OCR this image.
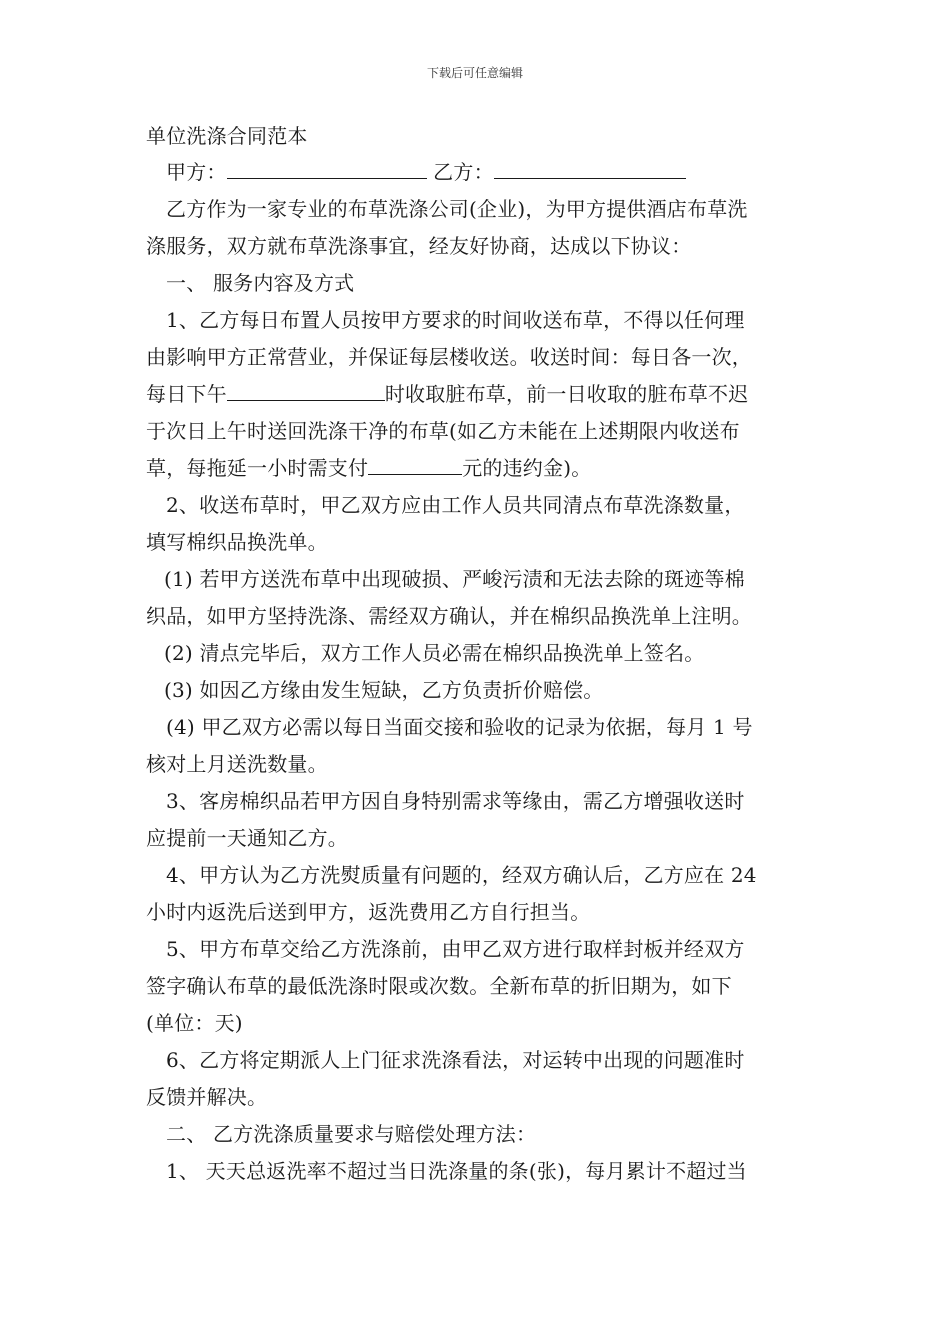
下载后可任意编辑
单位洗涤合同范本
甲方：	乙方：
乙方作为一家专业的布草洗涤公司(企业)，为甲方提供酒店布草洗
涤服务，双方就布草洗涤事宜，经友好协商，达成以下协议：
一、 服务内容及方式
1、乙方每日布置人员按甲方要求的时间收送布草，不得以任何理
由影响甲方正常营业，并保证每层楼收送。收送时间：每日各一次，
每日下午	时收取脏布草，前一日收取的脏布草不迟
于次日上午时送回洗涤干净的布草(如乙方未能在上述期限内收送布
草，每拖延一小时需支付	元的违约金)。
2、收送布草时，甲乙双方应由工作人员共同清点布草洗涤数量，
填写棉织品换洗单。
(1) 若甲方送洗布草中出现破损、严峻污渍和无法去除的斑迹等棉
织品，如甲方坚持洗涤、需经双方确认，并在棉织品换洗单上注明。
(2) 清点完毕后，双方工作人员必需在棉织品换洗单上签名。
(3) 如因乙方缘由发生短缺，乙方负责折价赔偿。
(4) 甲乙双方必需以每日当面交接和验收的记录为依据，每月 1 号
核对上月送洗数量。
3、客房棉织品若甲方因自身特别需求等缘由，需乙方增强收送时
应提前一天通知乙方。
4、甲方认为乙方洗熨质量有问题的，经双方确认后，乙方应在 24
小时内返洗后送到甲方，返洗费用乙方自行担当。
5、甲方布草交给乙方洗涤前，由甲乙双方进行取样封板并经双方
签字确认布草的最低洗涤时限或次数。全新布草的折旧期为，如下
(单位：天)
6、乙方将定期派人上门征求洗涤看法，对运转中出现的问题准时
反馈并解决。
二、 乙方洗涤质量要求与赔偿处理方法：
1、 天天总返洗率不超过当日洗涤量的条(张)，每月累计不超过当
